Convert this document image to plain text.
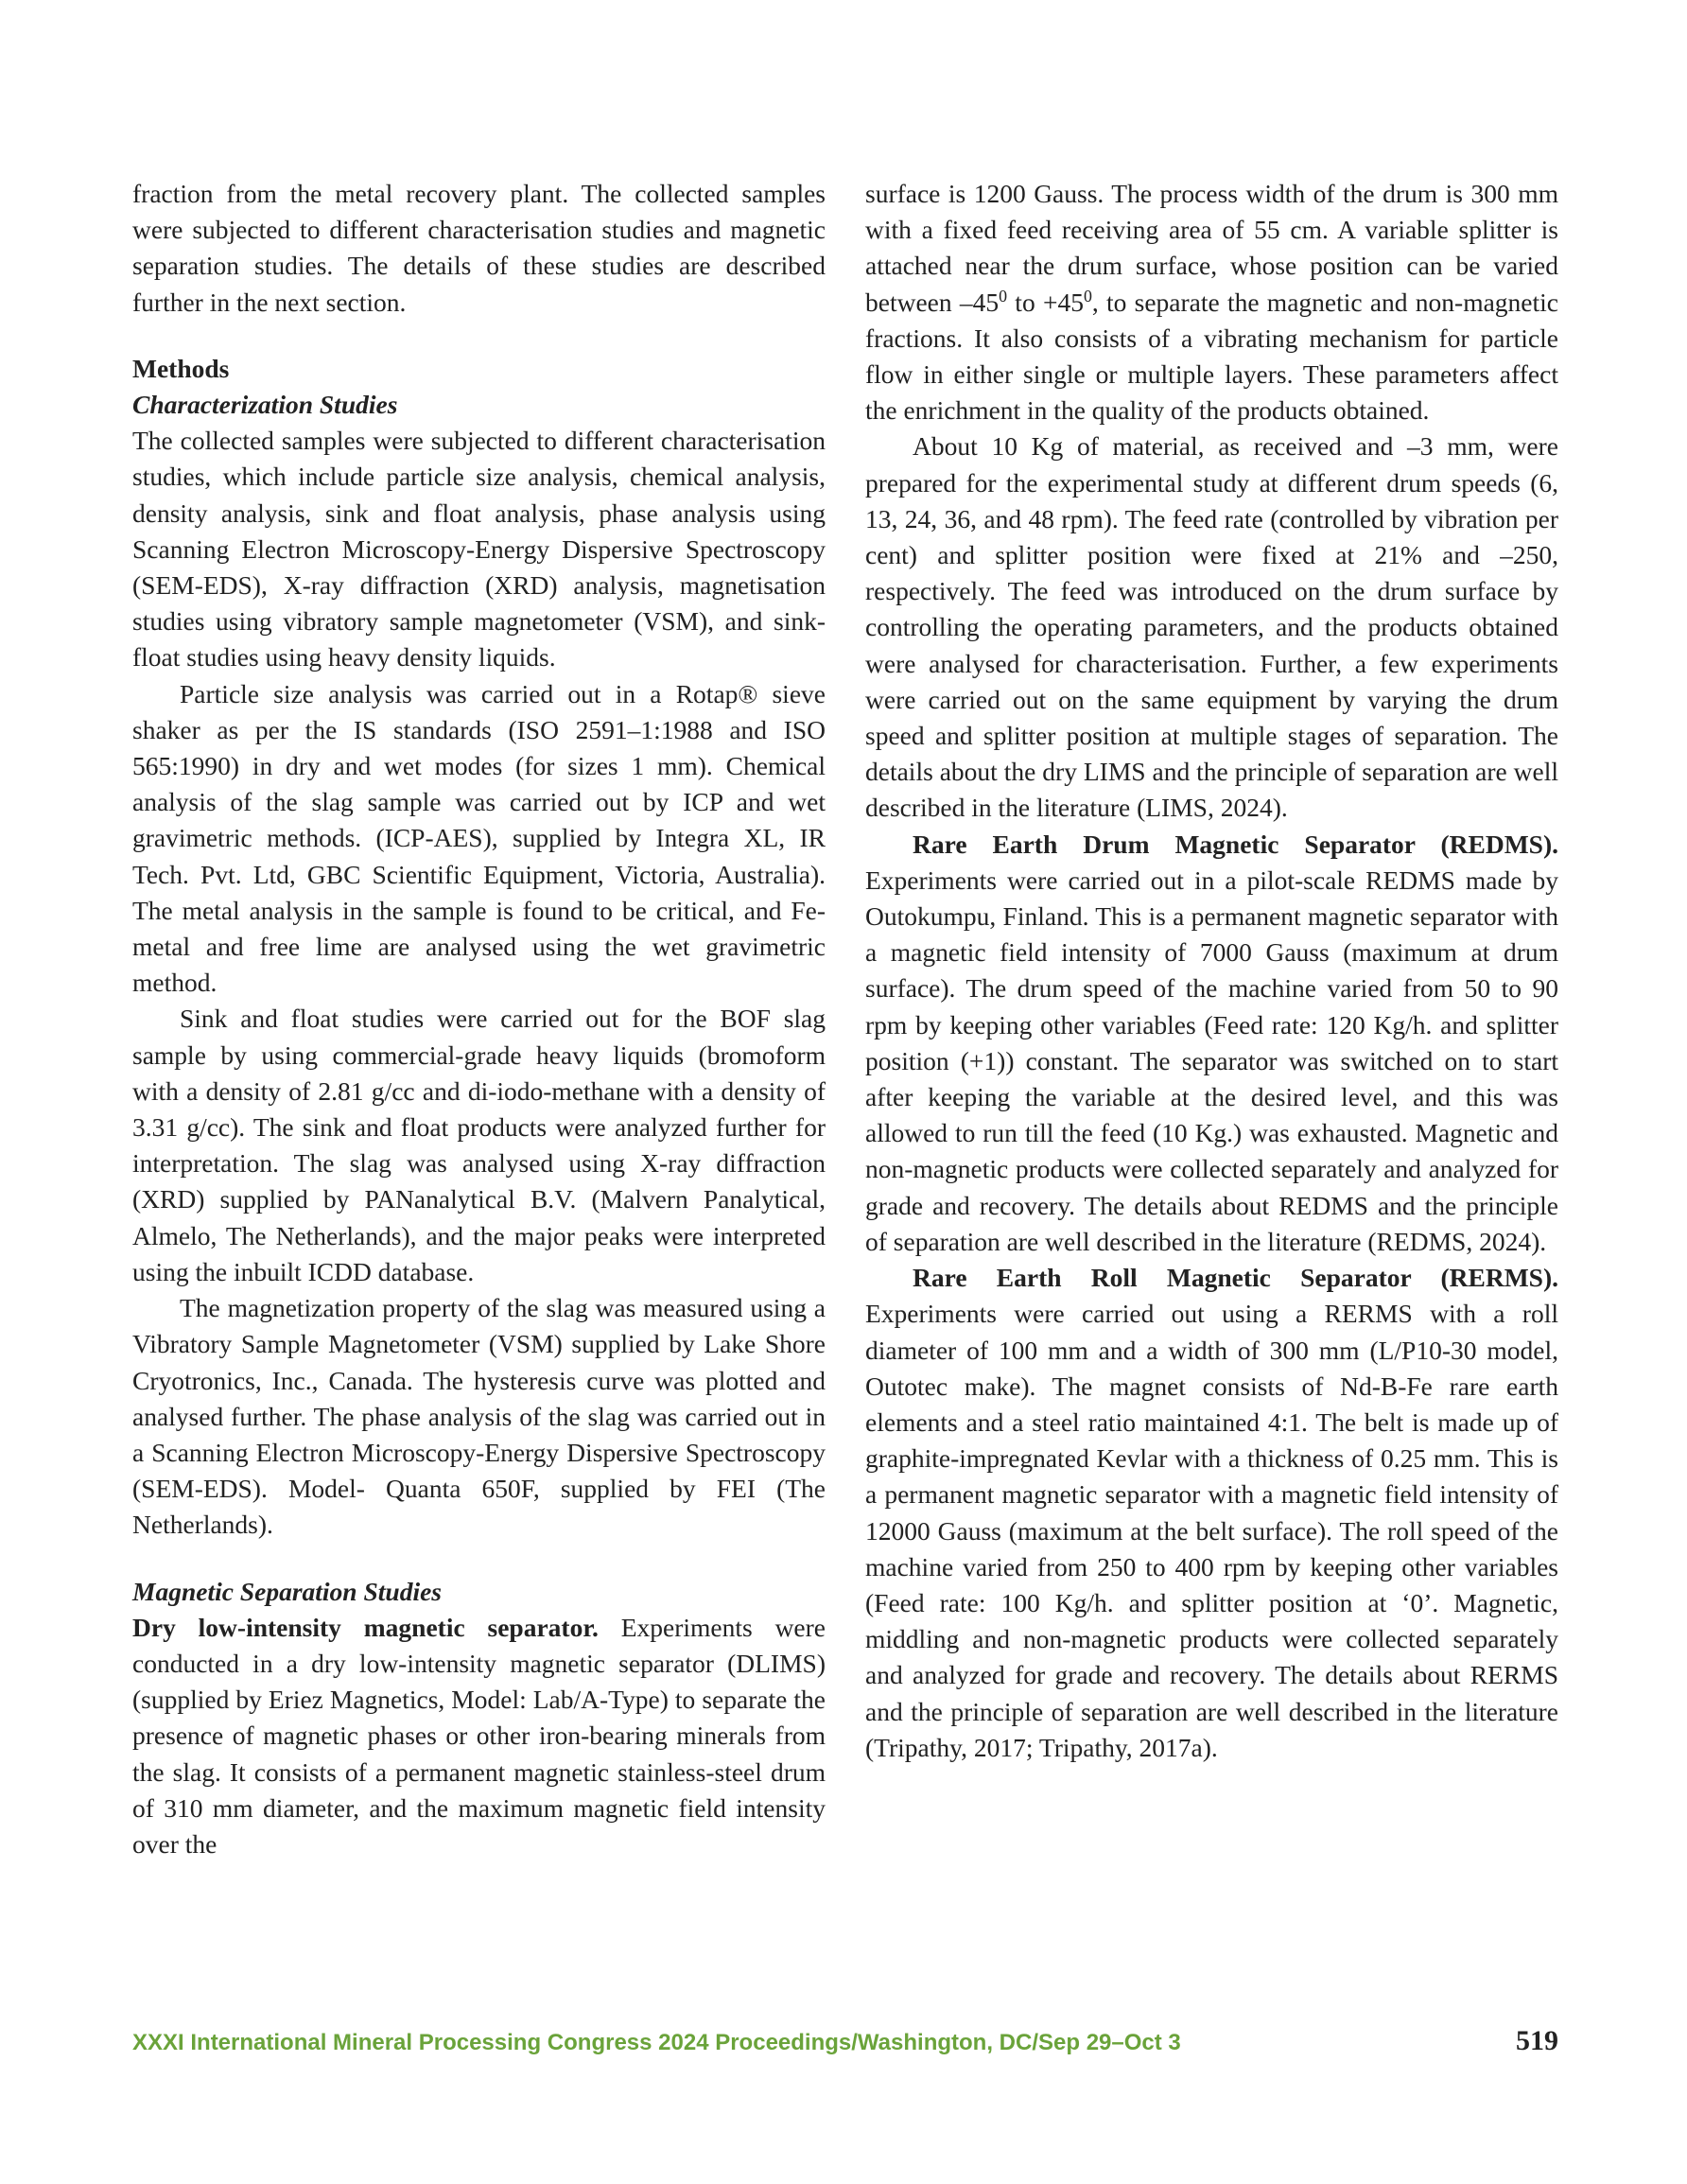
fraction from the metal recovery plant. The collected samples were subjected to different characterisation studies and magnetic separation studies. The details of these studies are described further in the next section.

Methods

Characterization Studies

The collected samples were subjected to different characterisation studies, which include particle size analysis, chemical analysis, density analysis, sink and float analysis, phase analysis using Scanning Electron Microscopy-Energy Dispersive Spectroscopy (SEM-EDS), X-ray diffraction (XRD) analysis, magnetisation studies using vibratory sample magnetometer (VSM), and sink-float studies using heavy density liquids.

Particle size analysis was carried out in a Rotap® sieve shaker as per the IS standards (ISO 2591–1:1988 and ISO 565:1990) in dry and wet modes (for sizes 1 mm). Chemical analysis of the slag sample was carried out by ICP and wet gravimetric methods. (ICP-AES), supplied by Integra XL, IR Tech. Pvt. Ltd, GBC Scientific Equipment, Victoria, Australia). The metal analysis in the sample is found to be critical, and Fe-metal and free lime are analysed using the wet gravimetric method.

Sink and float studies were carried out for the BOF slag sample by using commercial-grade heavy liquids (bromoform with a density of 2.81 g/cc and di-iodo-methane with a density of 3.31 g/cc). The sink and float products were analyzed further for interpretation. The slag was analysed using X-ray diffraction (XRD) supplied by PANanalytical B.V. (Malvern Panalytical, Almelo, The Netherlands), and the major peaks were interpreted using the inbuilt ICDD database.

The magnetization property of the slag was measured using a Vibratory Sample Magnetometer (VSM) supplied by Lake Shore Cryotronics, Inc., Canada. The hysteresis curve was plotted and analysed further. The phase analysis of the slag was carried out in a Scanning Electron Microscopy-Energy Dispersive Spectroscopy (SEM-EDS). Model- Quanta 650F, supplied by FEI (The Netherlands).

Magnetic Separation Studies

Dry low-intensity magnetic separator. Experiments were conducted in a dry low-intensity magnetic separator (DLIMS) (supplied by Eriez Magnetics, Model: Lab/A-Type) to separate the presence of magnetic phases or other iron-bearing minerals from the slag. It consists of a permanent magnetic stainless-steel drum of 310 mm diameter, and the maximum magnetic field intensity over the

surface is 1200 Gauss. The process width of the drum is 300 mm with a fixed feed receiving area of 55 cm. A variable splitter is attached near the drum surface, whose position can be varied between $-45^0$ to $+45^0$, to separate the magnetic and non-magnetic fractions. It also consists of a vibrating mechanism for particle flow in either single or multiple layers. These parameters affect the enrichment in the quality of the products obtained.

About 10 Kg of material, as received and –3 mm, were prepared for the experimental study at different drum speeds (6, 13, 24, 36, and 48 rpm). The feed rate (controlled by vibration per cent) and splitter position were fixed at 21% and –250, respectively. The feed was introduced on the drum surface by controlling the operating parameters, and the products obtained were analysed for characterisation. Further, a few experiments were carried out on the same equipment by varying the drum speed and splitter position at multiple stages of separation. The details about the dry LIMS and the principle of separation are well described in the literature (LIMS, 2024).

Rare Earth Drum Magnetic Separator (REDMS). Experiments were carried out in a pilot-scale REDMS made by Outokumpu, Finland. This is a permanent magnetic separator with a magnetic field intensity of 7000 Gauss (maximum at drum surface). The drum speed of the machine varied from 50 to 90 rpm by keeping other variables (Feed rate: 120 Kg/h. and splitter position (+1)) constant. The separator was switched on to start after keeping the variable at the desired level, and this was allowed to run till the feed (10 Kg.) was exhausted. Magnetic and non-magnetic products were collected separately and analyzed for grade and recovery. The details about REDMS and the principle of separation are well described in the literature (REDMS, 2024).

Rare Earth Roll Magnetic Separator (RERMS). Experiments were carried out using a RERMS with a roll diameter of 100 mm and a width of 300 mm (L/P10-30 model, Outotec make). The magnet consists of Nd-B-Fe rare earth elements and a steel ratio maintained 4:1. The belt is made up of graphite-impregnated Kevlar with a thickness of 0.25 mm. This is a permanent magnetic separator with a magnetic field intensity of 12000 Gauss (maximum at the belt surface). The roll speed of the machine varied from 250 to 400 rpm by keeping other variables (Feed rate: 100 Kg/h. and splitter position at ‘0’. Magnetic, middling and non-magnetic products were collected separately and analyzed for grade and recovery. The details about RERMS and the principle of separation are well described in the literature (Tripathy, 2017; Tripathy, 2017a).

XXXI International Mineral Processing Congress 2024 Proceedings/Washington, DC/Sep 29–Oct 3	519
